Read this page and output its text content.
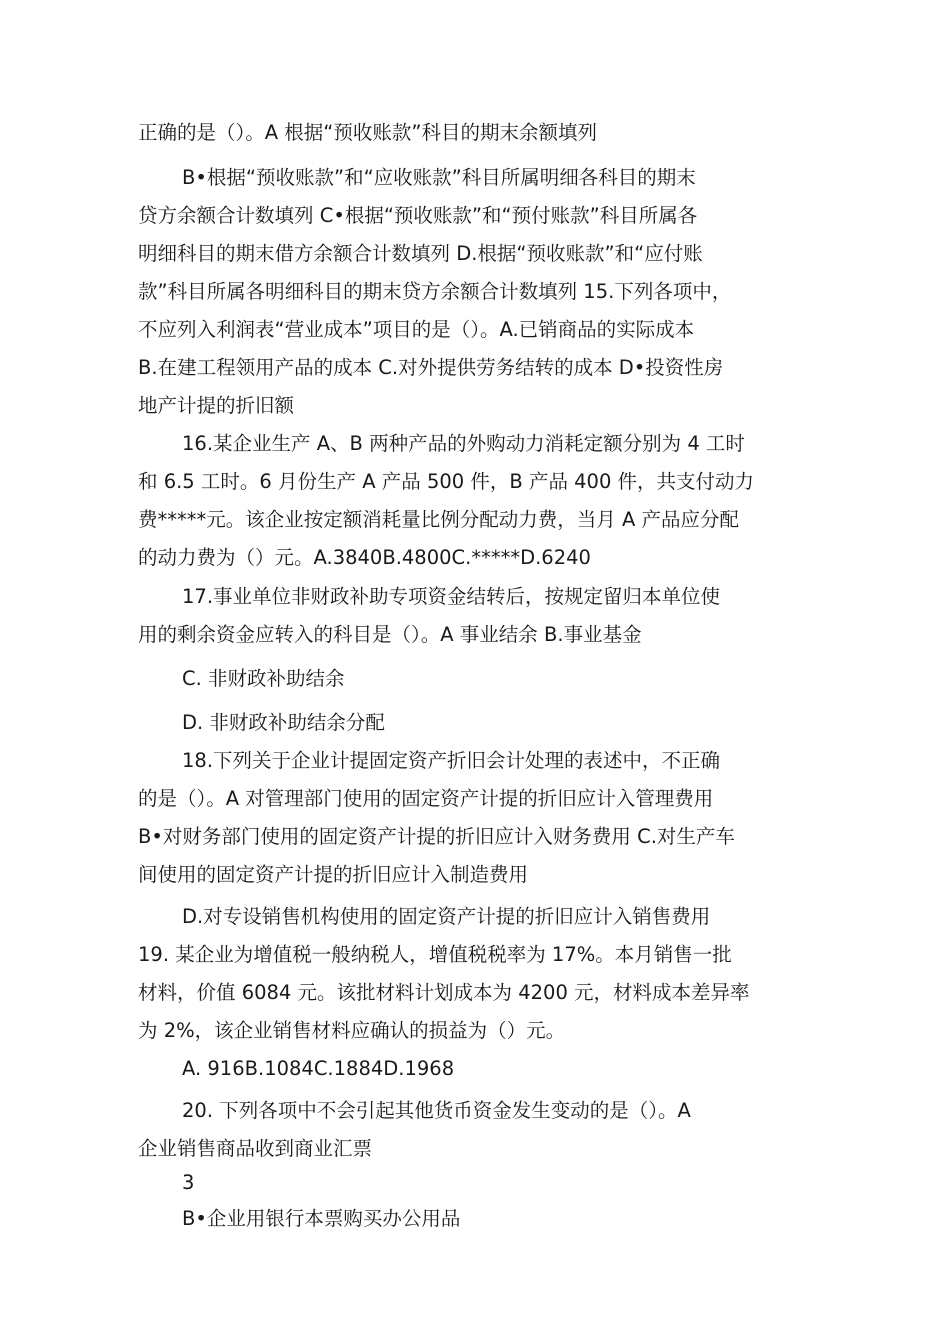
正确的是（）。A 根据“预收账款”科目的期末余额填列

B•根据“预收账款”和“应收账款”科目所属明细各科目的期末
贷方余额合计数填列 C•根据“预收账款”和“预付账款”科目所属各
明细科目的期末借方余额合计数填列 D.根据“预收账款”和“应付账
款”科目所属各明细科目的期末贷方余额合计数填列 15.下列各项中，
不应列入利润表“营业成本”项目的是（）。A.已销商品的实际成本
B.在建工程领用产品的成本 C.对外提供劳务结转的成本 D•投资性房
地产计提的折旧额

16.某企业生产 A、B 两种产品的外购动力消耗定额分别为 4 工时
和 6.5 工时。6 月份生产 A 产品 500 件，B 产品 400 件，共支付动力
费*****元。该企业按定额消耗量比例分配动力费，当月 A 产品应分配
的动力费为（）元。A.3840B.4800C.*****D.6240

17.事业单位非财政补助专项资金结转后，按规定留归本单位使
用的剩余资金应转入的科目是（）。A 事业结余 B.事业基金

C. 非财政补助结余

D. 非财政补助结余分配

18.下列关于企业计提固定资产折旧会计处理的表述中，不正确
的是（）。A 对管理部门使用的固定资产计提的折旧应计入管理费用
B•对财务部门使用的固定资产计提的折旧应计入财务费用 C.对生产车
间使用的固定资产计提的折旧应计入制造费用

D.对专设销售机构使用的固定资产计提的折旧应计入销售费用
19. 某企业为增值税一般纳税人，增值税税率为 17%。本月销售一批
材料，价值 6084 元。该批材料计划成本为 4200 元，材料成本差异率
为 2%，该企业销售材料应确认的损益为（）元。

A. 916B.1084C.1884D.1968

20. 下列各项中不会引起其他货币资金发生变动的是（）。A
企业销售商品收到商业汇票

3

B•企业用银行本票购买办公用品
